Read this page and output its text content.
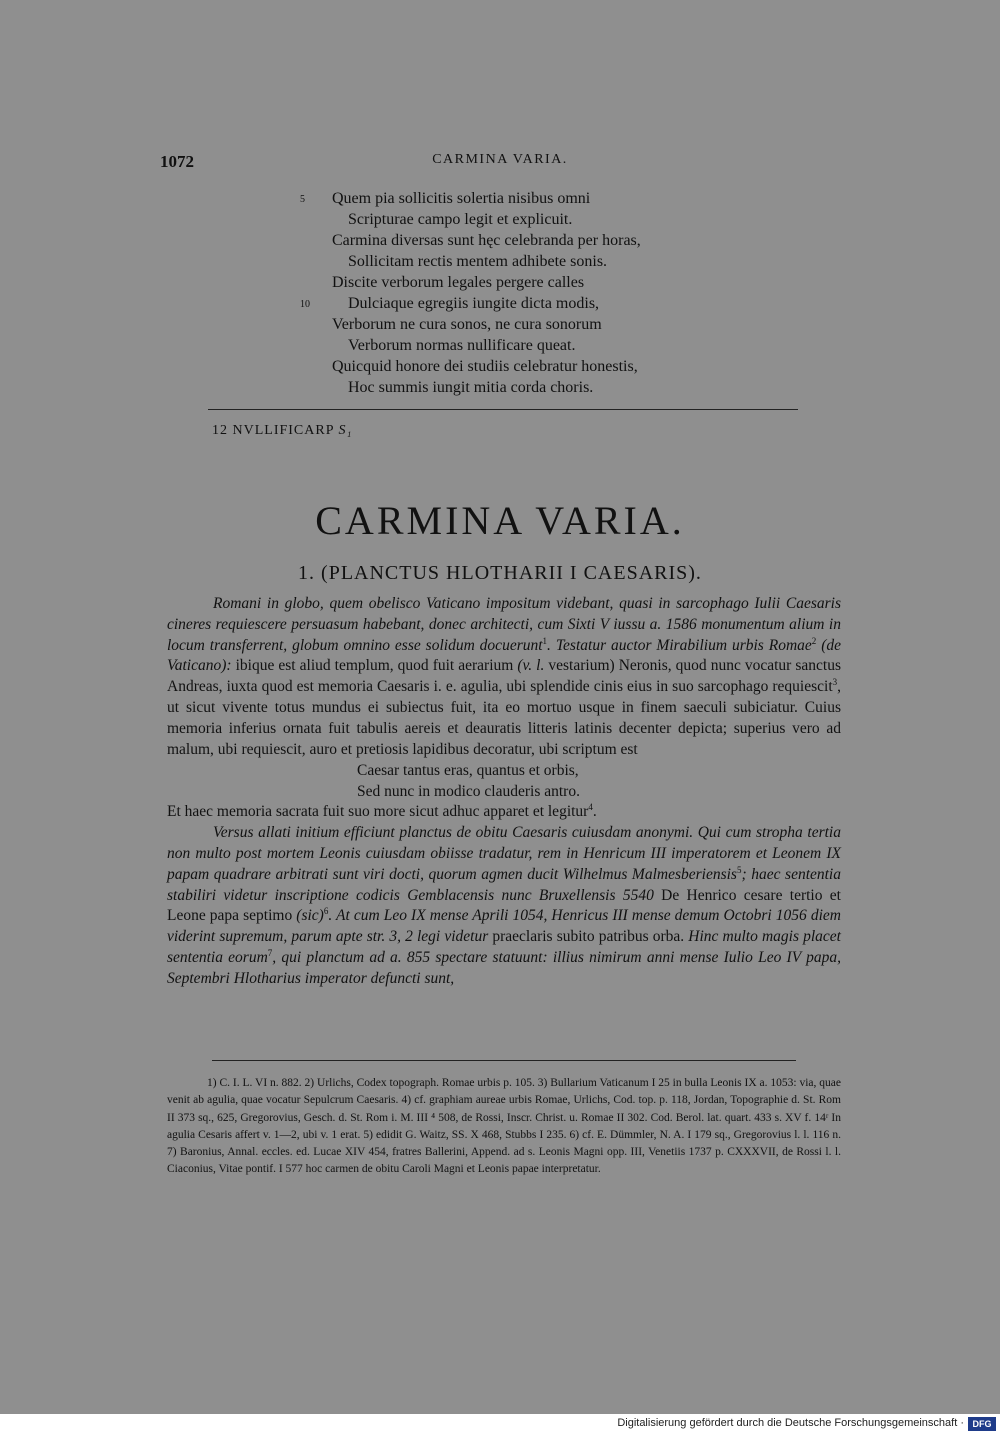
1072	CARMINA VARIA.
5 Quem pia sollicitis solertia nisibus omni
Scripturae campo legit et explicuit.
Carmina diversas sunt hęc celebranda per horas,
Sollicitam rectis mentem adhibete sonis.
Discite verborum legales pergere calles
10 Dulciaque egregiis iungite dicta modis,
Verborum ne cura sonos, ne cura sonorum
Verborum normas nullificare queat.
Quicquid honore dei studiis celebratur honestis,
Hoc summis iungit mitia corda choris.
12 NVLLIFICARP S₁
CARMINA VARIA.
1. (PLANCTUS HLOTHARII I CAESARIS).

Romani in globo, quem obelisco Vaticano impositum videbant, quasi in sarcophago Iulii Caesaris cineres requiescere persuasum habebant, donec architecti, cum Sixti V iussu a. 1586 monumentum alium in locum transferrent, globum omnino esse solidum docuerunt$^1$. Testatur auctor Mirabilium urbis Romae$^2$ (de Vaticano): ibique est aliud templum, quod fuit aerarium (v. l. vestarium) Neronis, quod nunc vocatur sanctus Andreas, iuxta quod est memoria Caesaris i. e. agulia, ubi splendide cinis eius in suo sarcophago requiescit$^3$, ut sicut vivente totus mundus ei subiectus fuit, ita eo mortuo usque in finem saeculi subiciatur. Cuius memoria inferius ornata fuit tabulis aereis et deauratis litteris latinis decenter depicta; superius vero ad malum, ubi requiescit, auro et pretiosis lapidibus decoratur, ubi scriptum est

Caesar tantus eras, quantus et orbis,
Sed nunc in modico clauderis antro.

Et haec memoria sacrata fuit suo more sicut adhuc apparet et legitur$^4$.

Versus allati initium efficiunt planctus de obitu Caesaris cuiusdam anonymi. Qui cum stropha tertia non multo post mortem Leonis cuiusdam obiisse tradatur, rem in Henricum III imperatorem et Leonem IX papam quadrare arbitrati sunt viri docti, quorum agmen ducit Wilhelmus Malmesberiensis$^5$; haec sententia stabiliri videtur inscriptione codicis Gemblacensis nunc Bruxellensis 5540 De Henrico cesare tertio et Leone papa septimo (sic)$^6$. At cum Leo IX mense Aprili 1054, Henricus III mense demum Octobri 1056 diem viderint supremum, parum apte str. 3, 2 legi videtur praeclaris subito patribus orba. Hinc multo magis placet sententia eorum$^7$, qui planctum ad a. 855 spectare statuunt: illius nimirum anni mense Iulio Leo IV papa, Septembri Hlotharius imperator defuncti sunt,

1) C. I. L. VI n. 882. 2) Urlichs, Codex topograph. Romae urbis p. 105. 3) Bullarium Vaticanum I 25 in bulla Leonis IX a. 1053: via, quae venit ab agulia, quae vocatur Sepulcrum Caesaris. 4) cf. graphiam aureae urbis Romae, Urlichs, Cod. top. p. 118, Jordan, Topographie d. St. Rom II 373 sq., 625, Gregorovius, Gesch. d. St. Rom i. M. III ⁴ 508, de Rossi, Inscr. Christ. u. Romae II 302. Cod. Berol. lat. quart. 433 s. XV f. 14ʳ In agulia Cesaris affert v. 1—2, ubi v. 1 erat. 5) edidit G. Waitz, SS. X 468, Stubbs I 235. 6) cf. E. Dümmler, N. A. I 179 sq., Gregorovius l. l. 116 n. 7) Baronius, Annal. eccles. ed. Lucae XIV 454, fratres Ballerini, Append. ad s. Leonis Magni opp. III, Venetiis 1737 p. CXXXVII, de Rossi l. l. Ciaconius, Vitae pontif. I 577 hoc carmen de obitu Caroli Magni et Leonis papae interpretatur.

Digitalisierung gefördert durch die Deutsche Forschungsgemeinschaft · DFG
